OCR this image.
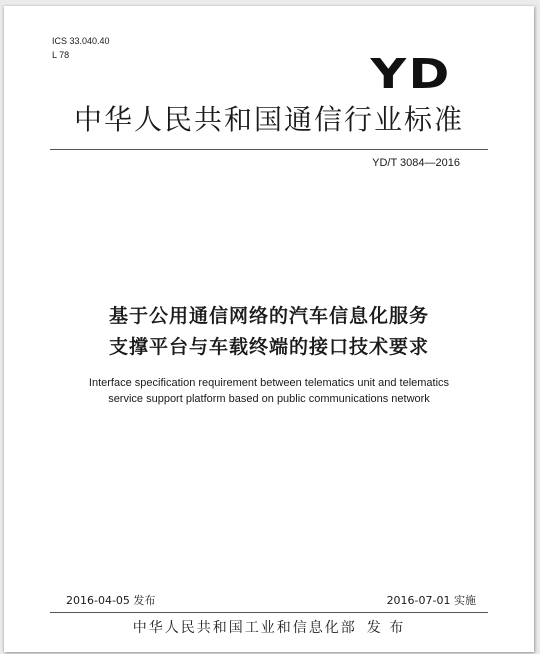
ICS 33.040.40
L 78	YD
中华人民共和国通信行业标准
YD/T 3084—2016
基于公用通信网络的汽车信息化服务
支撑平台与车载终端的接口技术要求
Interface specification requirement between telematics unit and telematics
service support platform based on public communications network
2016-04-05 发布	2016-07-01 实施
中华人民共和国工业和信息化部 发 布
